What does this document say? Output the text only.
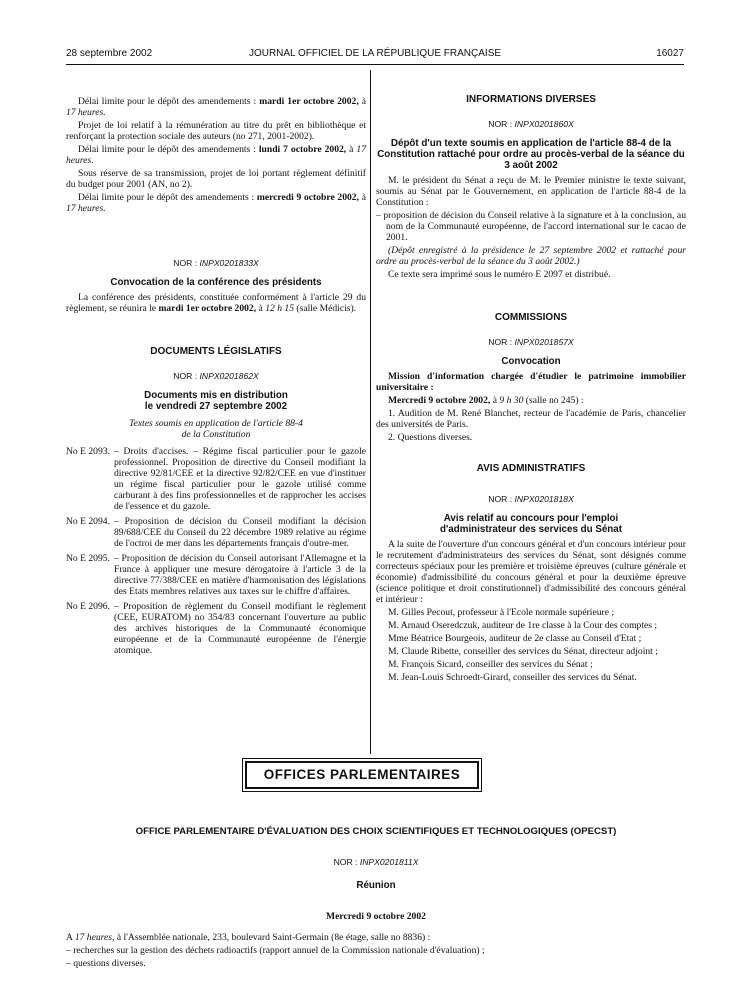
28 septembre 2002	JOURNAL OFFICIEL DE LA RÉPUBLIQUE FRANÇAISE	16027

Délai limite pour le dépôt des amendements : mardi 1er octobre 2002, à 17 heures.

Projet de loi relatif à la rémunération au titre du prêt en bibliothèque et renforçant la protection sociale des auteurs (no 271, 2001-2002).

Délai limite pour le dépôt des amendements : lundi 7 octobre 2002, à 17 heures.

Sous réserve de sa transmission, projet de loi portant règlement définitif du budget pour 2001 (AN, no 2).

Délai limite pour le dépôt des amendements : mercredi 9 octobre 2002, à 17 heures.

NOR : INPX0201833X
Convocation de la conférence des présidents

La conférence des présidents, constituée conformément à l'article 29 du règlement, se réunira le mardi 1er octobre 2002, à 12 h 15 (salle Médicis).

DOCUMENTS LÉGISLATIFS
NOR : INPX0201862X
Documents mis en distribution
le vendredi 27 septembre 2002
Textes soumis en application de l'article 88-4
de la Constitution
No E 2093. – Droits d'accises. – Régime fiscal particulier pour le gazole professionnel. Proposition de directive du Conseil modifiant la directive 92/81/CEE et la directive 92/82/CEE en vue d'instituer un régime fiscal particulier pour le gazole utilisé comme carburant à des fins professionnelles et de rapprocher les accises de l'essence et du gazole.
No E 2094. – Proposition de décision du Conseil modifiant la décision 89/688/CEE du Conseil du 22 décembre 1989 relative au régime de l'octroi de mer dans les départements français d'outre-mer.
No E 2095. – Proposition de décision du Conseil autorisant l'Allemagne et la France à appliquer une mesure dérogatoire à l'article 3 de la directive 77/388/CEE en matière d'harmonisation des législations des Etats membres relatives aux taxes sur le chiffre d'affaires.
No E 2096. – Proposition de règlement du Conseil modifiant le règlement (CEE, EURATOM) no 354/83 concernant l'ouverture au public des archives historiques de la Communauté économique européenne et de la Communauté européenne de l'énergie atomique.
INFORMATIONS DIVERSES
NOR : INPX0201860X
Dépôt d'un texte soumis en application de l'article 88-4 de la Constitution rattaché pour ordre au procès-verbal de la séance du 3 août 2002

M. le président du Sénat a reçu de M. le Premier ministre le texte suivant, soumis au Sénat par le Gouvernement, en application de l'article 88-4 de la Constitution :

– proposition de décision du Conseil relative à la signature et à la conclusion, au nom de la Communauté européenne, de l'accord international sur le cacao de 2001.

(Dépôt enregistré à la présidence le 27 septembre 2002 et rattaché pour ordre au procès-verbal de la séance du 3 août 2002.)

Ce texte sera imprimé sous le numéro E 2097 et distribué.

COMMISSIONS
NOR : INPX0201857X
Convocation

Mission d'information chargée d'étudier le patrimoine immobilier universitaire :

Mercredi 9 octobre 2002, à 9 h 30 (salle no 245) :

1. Audition de M. René Blanchet, recteur de l'académie de Paris, chancelier des universités de Paris.

2. Questions diverses.

AVIS ADMINISTRATIFS
NOR : INPX0201818X
Avis relatif au concours pour l'emploi
d'administrateur des services du Sénat

A la suite de l'ouverture d'un concours général et d'un concours intérieur pour le recrutement d'administrateurs des services du Sénat, sont désignés comme correcteurs spéciaux pour les première et troisième épreuves (culture générale et économie) d'admissibilité du concours général et pour la deuxième épreuve (science politique et droit constitutionnel) d'admissibilité des concours général et intérieur :

M. Gilles Pecout, professeur à l'Ecole normale supérieure ;

M. Arnaud Oseredczuk, auditeur de 1re classe à la Cour des comptes ;

Mme Béatrice Bourgeois, auditeur de 2e classe au Conseil d'Etat ;

M. Claude Ribette, conseiller des services du Sénat, directeur adjoint ;

M. François Sicard, conseiller des services du Sénat ;

M. Jean-Louis Schroedt-Girard, conseiller des services du Sénat.

OFFICES PARLEMENTAIRES
OFFICE PARLEMENTAIRE D'ÉVALUATION DES CHOIX SCIENTIFIQUES ET TECHNOLOGIQUES (OPECST)
NOR : INPX0201811X
Réunion
Mercredi 9 octobre 2002

A 17 heures, à l'Assemblée nationale, 233, boulevard Saint-Germain (8e étage, salle no 8836) :

– recherches sur la gestion des déchets radioactifs (rapport annuel de la Commission nationale d'évaluation) ;

– questions diverses.
